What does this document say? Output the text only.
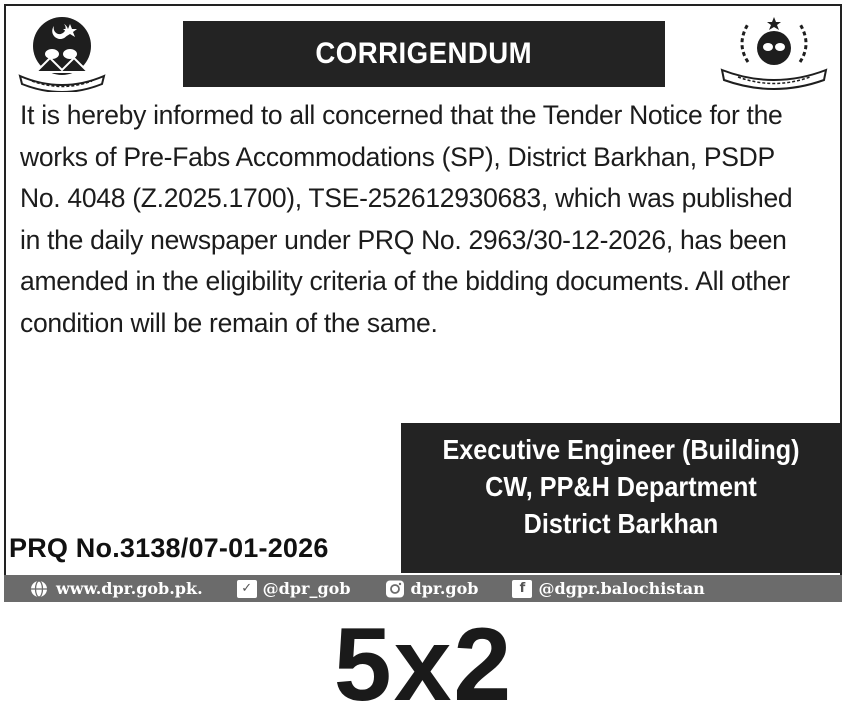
CORRIGENDUM

It is hereby informed to all concerned that the Tender Notice for the
works of Pre-Fabs Accommodations (SP), District Barkhan, PSDP
No. 4048 (Z.2025.1700), TSE-252612930683, which was published
in the daily newspaper under PRQ No. 2963/30-12-2026, has been
amended in the eligibility criteria of the bidding documents. All other
condition will be remain of the same.

Executive Engineer (Building)
CW, PP&H Department
District Barkhan
PRQ No.3138/07-01-2026
www.dpr.gob.pk.	✓ @dpr_gob	dpr.gob	f @dgpr.balochistan
5x2
